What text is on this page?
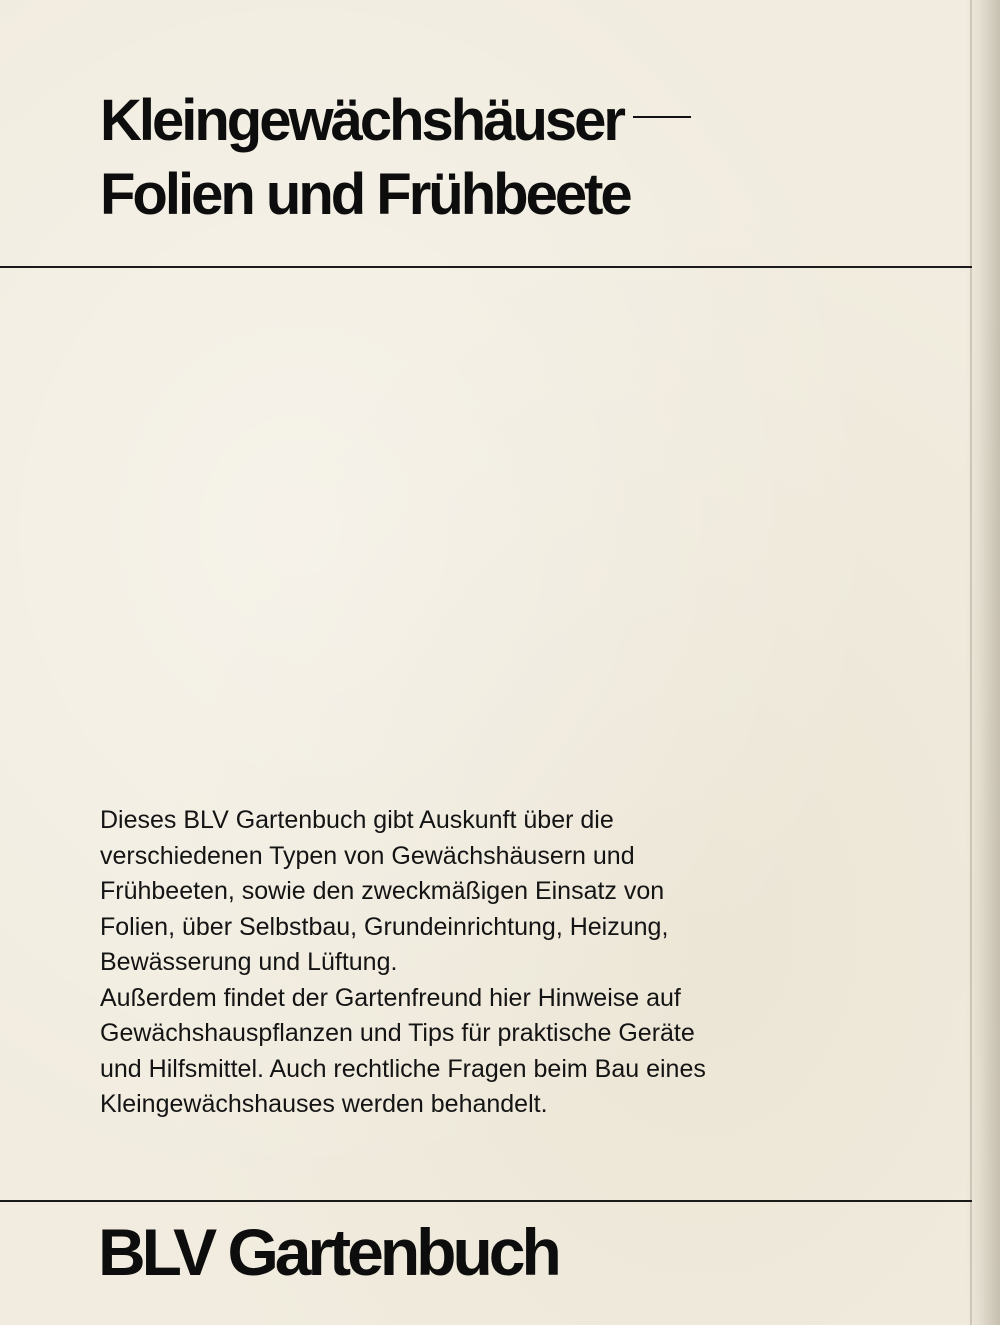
Kleingewächshäuser
Folien und Frühbeete

Dieses BLV Gartenbuch gibt Auskunft über die

verschiedenen Typen von Gewächshäusern und

Frühbeeten, sowie den zweckmäßigen Einsatz von

Folien, über Selbstbau, Grundeinrichtung, Heizung,

Bewässerung und Lüftung.

Außerdem findet der Gartenfreund hier Hinweise auf

Gewächshauspflanzen und Tips für praktische Geräte

und Hilfsmittel. Auch rechtliche Fragen beim Bau eines

Kleingewächshauses werden behandelt.

BLV Gartenbuch
